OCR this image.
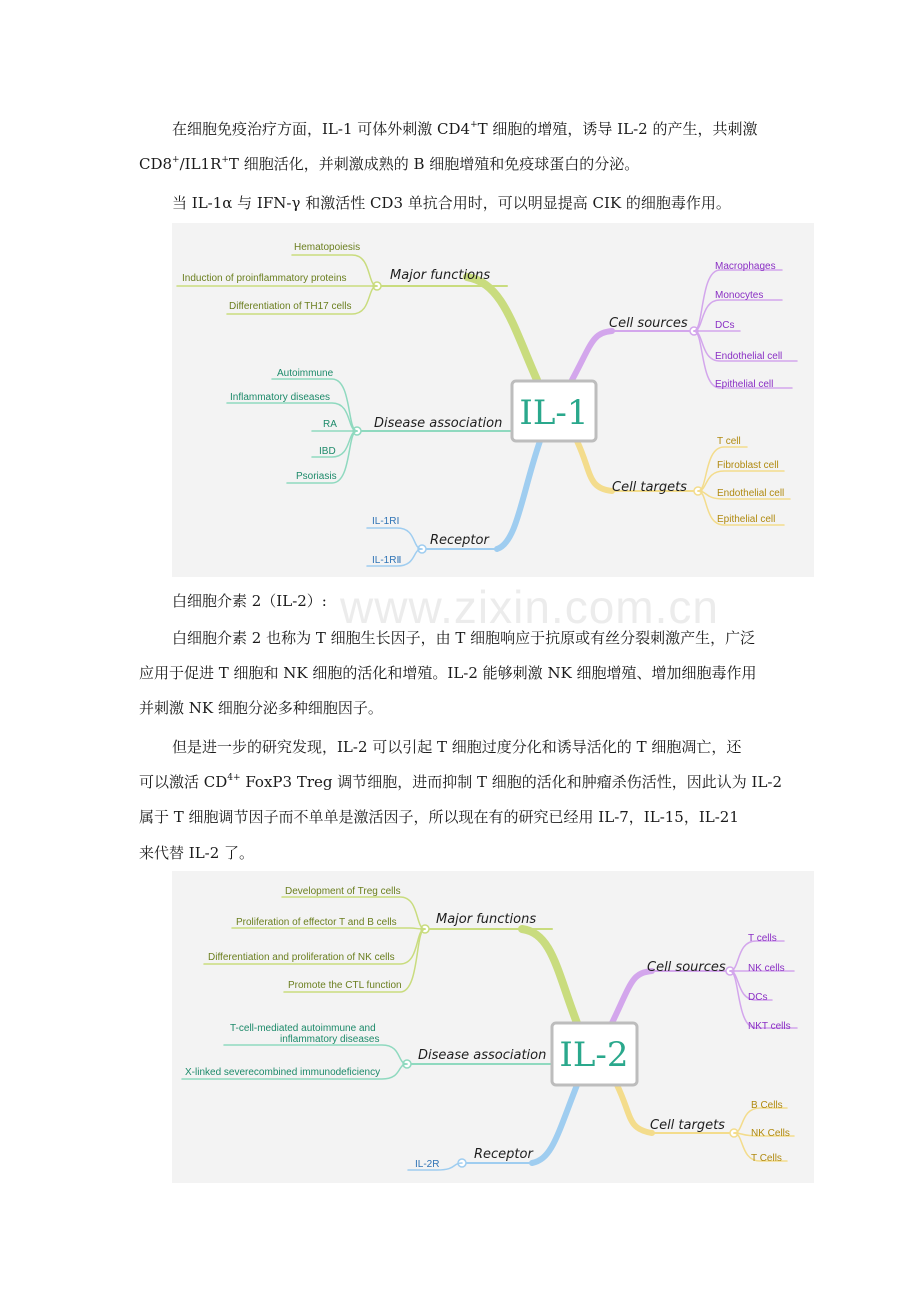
在细胞免疫治疗方面，IL-1 可体外刺激 CD4+T 细胞的增殖，诱导 IL-2 的产生，共刺激
CD8+/IL1R+T 细胞活化，并刺激成熟的 B 细胞增殖和免疫球蛋白的分泌。
当 IL-1α 与 IFN-γ 和激活性 CD3 单抗合用时，可以明显提高 CIK 的细胞毒作用。
Major functions
Hematopoiesis
Induction of proinflammatory proteins
Differentiation of TH17 cells
Disease association
Autoimmune
Inflammatory diseases
RA
IBD
Psoriasis
Receptor
IL-1RⅠ
IL-1RⅡ
Cell sources
Macrophages
Monocytes
DCs
Endothelial cell
Epithelial cell
Cell targets
T cell
Fibroblast cell
Endothelial cell
Epithelial cell
IL-1
白细胞介素 2（IL-2）: www.zixin.com.cn
白细胞介素 2 也称为 T 细胞生长因子，由 T 细胞响应于抗原或有丝分裂刺激产生，广泛
应用于促进 T 细胞和 NK 细胞的活化和增殖。IL-2 能够刺激 NK 细胞增殖、增加细胞毒作用
并刺激 NK 细胞分泌多种细胞因子。
但是进一步的研究发现，IL-2 可以引起 T 细胞过度分化和诱导活化的 T 细胞凋亡，还
可以激活 $CD^{4+}$ FoxP3 Treg 调节细胞，进而抑制 T 细胞的活化和肿瘤杀伤活性，因此认为 IL-2
属于 T 细胞调节因子而不单单是激活因子，所以现在有的研究已经用 IL-7，IL-15，IL-21
来代替 IL-2 了。
Major functions
Development of Treg cells
Proliferation of effector T and B cells
Differentiation and proliferation of NK cells
Promote the CTL function
Disease association
T-cell-mediated autoimmune and
inflammatory diseases
X-linked severecombined immunodeficiency
Receptor
IL-2R
Cell sources
T cells
NK cells
DCs
NKT cells
Cell targets
B Cells
NK Cells
T Cells
IL-2
